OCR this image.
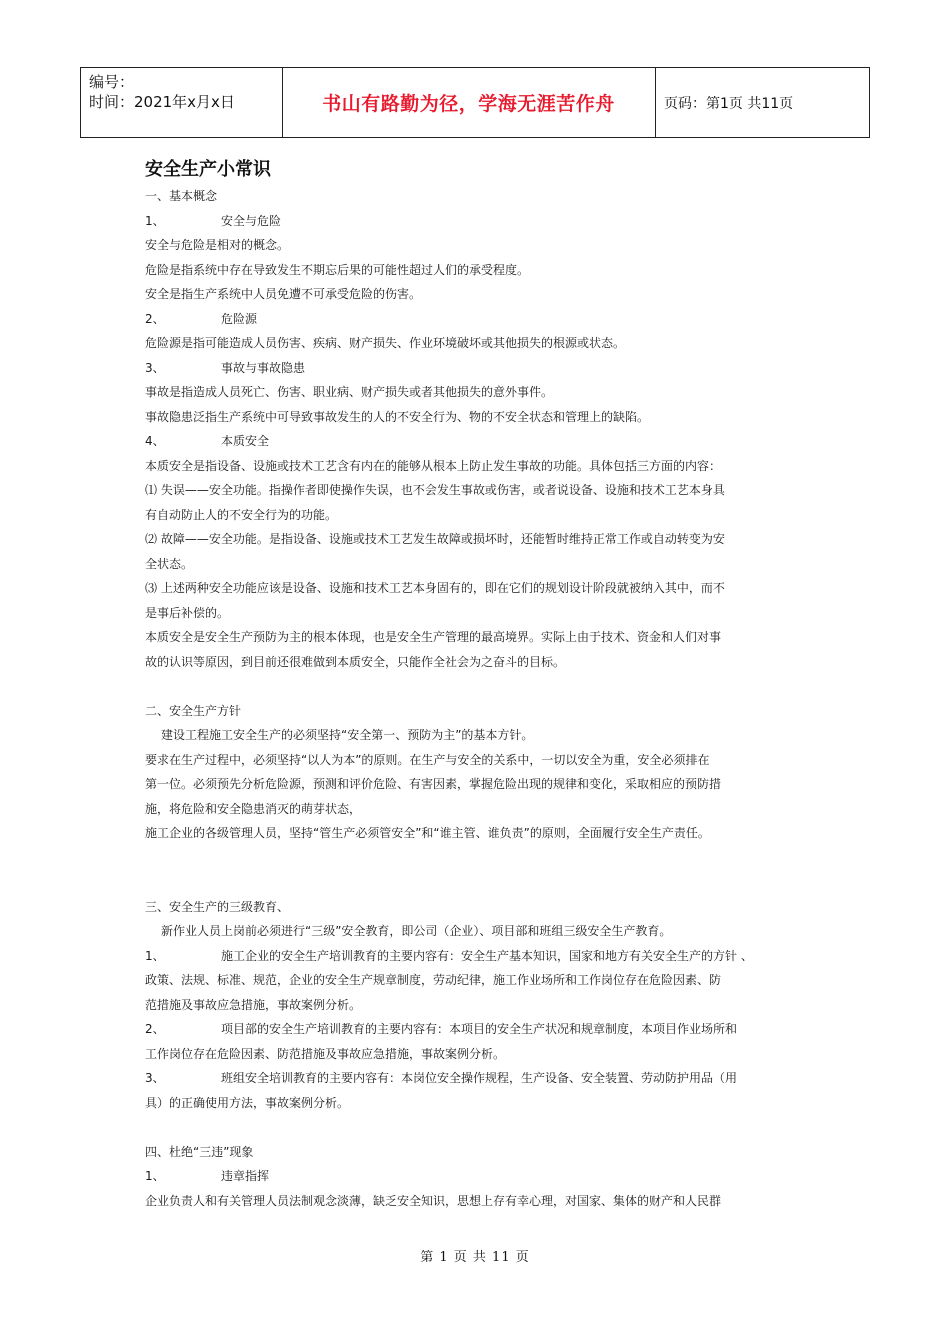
编号：
时间：2021年x月x日	书山有路勤为径，学海无涯苦作舟	页码：第1页 共11页
安全生产小常识
一、基本概念
1、	安全与危险
安全与危险是相对的概念。
危险是指系统中存在导致发生不期忘后果的可能性超过人们的承受程度。
安全是指生产系统中人员免遭不可承受危险的伤害。
2、	危险源
危险源是指可能造成人员伤害、疾病、财产损失、作业环境破坏或其他损失的根源或状态。
3、	事故与事故隐患
事故是指造成人员死亡、伤害、职业病、财产损失或者其他损失的意外事件。
事故隐患泛指生产系统中可导致事故发生的人的不安全行为、物的不安全状态和管理上的缺陷。
4、	本质安全
本质安全是指设备、设施或技术工艺含有内在的能够从根本上防止发生事故的功能。具体包括三方面的内容：
⑴ 失误——安全功能。指操作者即使操作失误，也不会发生事故或伤害，或者说设备、设施和技术工艺本身具
有自动防止人的不安全行为的功能。
⑵ 故障——安全功能。是指设备、设施或技术工艺发生故障或损坏时，还能暂时维持正常工作或自动转变为安
全状态。
⑶ 上述两种安全功能应该是设备、设施和技术工艺本身固有的，即在它们的规划设计阶段就被纳入其中，而不
是事后补偿的。
本质安全是安全生产预防为主的根本体现，也是安全生产管理的最高境界。实际上由于技术、资金和人们对事
故的认识等原因，到目前还很难做到本质安全，只能作全社会为之奋斗的目标。
二、安全生产方针
建设工程施工安全生产的必须坚持“安全第一、预防为主”的基本方针。
要求在生产过程中，必须坚持“以人为本”的原则。在生产与安全的关系中，一切以安全为重，安全必须排在
第一位。必须预先分析危险源，预测和评价危险、有害因素，掌握危险出现的规律和变化，采取相应的预防措
施，将危险和安全隐患消灭的萌芽状态，
施工企业的各级管理人员，坚持“管生产必须管安全”和“谁主管、谁负责”的原则，全面履行安全生产责任。
三、安全生产的三级教育、
新作业人员上岗前必须进行“三级”安全教育，即公司（企业）、项目部和班组三级安全生产教育。
1、	施工企业的安全生产培训教育的主要内容有：安全生产基本知识，国家和地方有关安全生产的方针 、
政策、法规、标准、规范，企业的安全生产规章制度，劳动纪律，施工作业场所和工作岗位存在危险因素、防
范措施及事故应急措施，事故案例分析。
2、	项目部的安全生产培训教育的主要内容有：本项目的安全生产状况和规章制度，本项目作业场所和
工作岗位存在危险因素、防范措施及事故应急措施，事故案例分析。
3、	班组安全培训教育的主要内容有：本岗位安全操作规程，生产设备、安全装置、劳动防护用品（用
具）的正确使用方法，事故案例分析。
四、杜绝“三违”现象
1、	违章指挥
企业负责人和有关管理人员法制观念淡薄，缺乏安全知识，思想上存有幸心理，对国家、集体的财产和人民群
第 1 页 共 11 页
